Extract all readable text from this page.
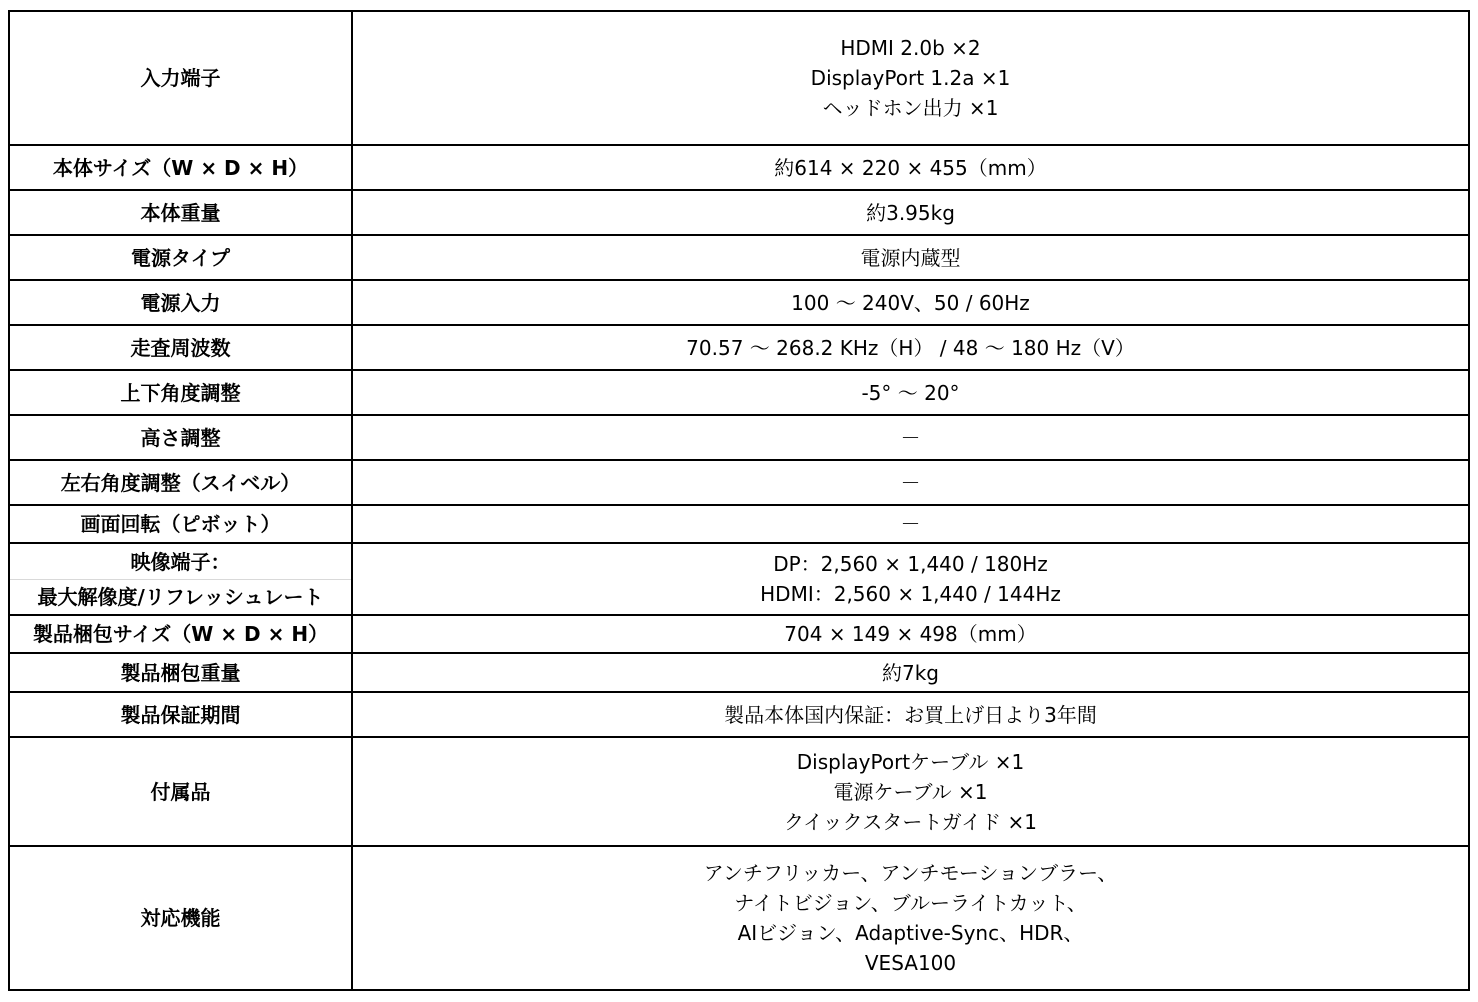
入力端子	HDMI 2.0b ×2
DisplayPort 1.2a ×1
ヘッドホン出力 ×1

本体サイズ（W × D × H）	約614 × 220 × 455（mm）

本体重量	約3.95kg

電源タイプ	電源内蔵型

電源入力	100 〜 240V、50 / 60Hz

走査周波数	70.57 〜 268.2 KHz（H） / 48 〜 180 Hz（V）

上下角度調整	-5° 〜 20°

高さ調整	－

左右角度調整（スイベル）	－

画面回転（ピボット）	－

映像端子：
最大解像度/リフレッシュレート	DP：2,560 × 1,440 / 180Hz
HDMI：2,560 × 1,440 / 144Hz

製品梱包サイズ（W × D × H）	704 × 149 × 498（mm）

製品梱包重量	約7kg

製品保証期間	製品本体国内保証：お買上げ日より3年間

付属品	DisplayPortケーブル ×1
電源ケーブル ×1
クイックスタートガイド ×1

対応機能	アンチフリッカー、アンチモーションブラー、
ナイトビジョン、ブルーライトカット、
AIビジョン、Adaptive-Sync、HDR、
VESA100
